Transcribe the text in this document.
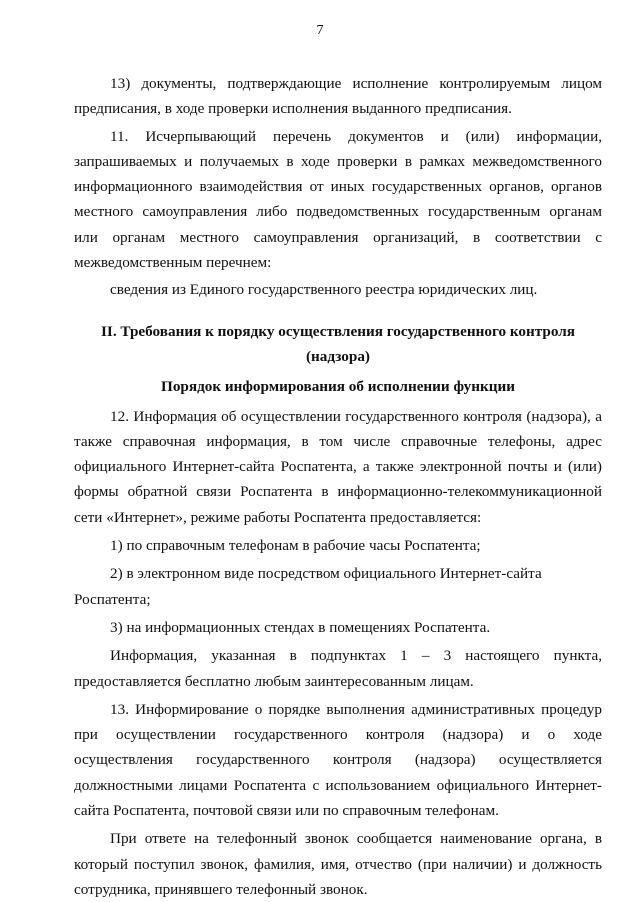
7

13) документы, подтверждающие исполнение контролируемым лицом предписания, в ходе проверки исполнения выданного предписания.

11. Исчерпывающий перечень документов и (или) информации, запрашиваемых и получаемых в ходе проверки в рамках межведомственного информационного взаимодействия от иных государственных органов, органов местного самоуправления либо подведомственных государственным органам или органам местного самоуправления организаций, в соответствии с межведомственным перечнем:

сведения из Единого государственного реестра юридических лиц.

II. Требования к порядку осуществления государственного контроля (надзора)

Порядок информирования об исполнении функции

12. Информация об осуществлении государственного контроля (надзора), а также справочная информация, в том числе справочные телефоны, адрес официального Интернет-сайта Роспатента, а также электронной почты и (или) формы обратной связи Роспатента в информационно-телекоммуникационной сети «Интернет», режиме работы Роспатента предоставляется:

1) по справочным телефонам в рабочие часы Роспатента;

2) в электронном виде посредством официального Интернет-сайта Роспатента;

3) на информационных стендах в помещениях Роспатента.

Информация, указанная в подпунктах 1 – 3 настоящего пункта, предоставляется бесплатно любым заинтересованным лицам.

13. Информирование о порядке выполнения административных процедур при осуществлении государственного контроля (надзора) и о ходе осуществления государственного контроля (надзора) осуществляется должностными лицами Роспатента с использованием официального Интернет-сайта Роспатента, почтовой связи или по справочным телефонам.

При ответе на телефонный звонок сообщается наименование органа, в который поступил звонок, фамилия, имя, отчество (при наличии) и должность сотрудника, принявшего телефонный звонок.
